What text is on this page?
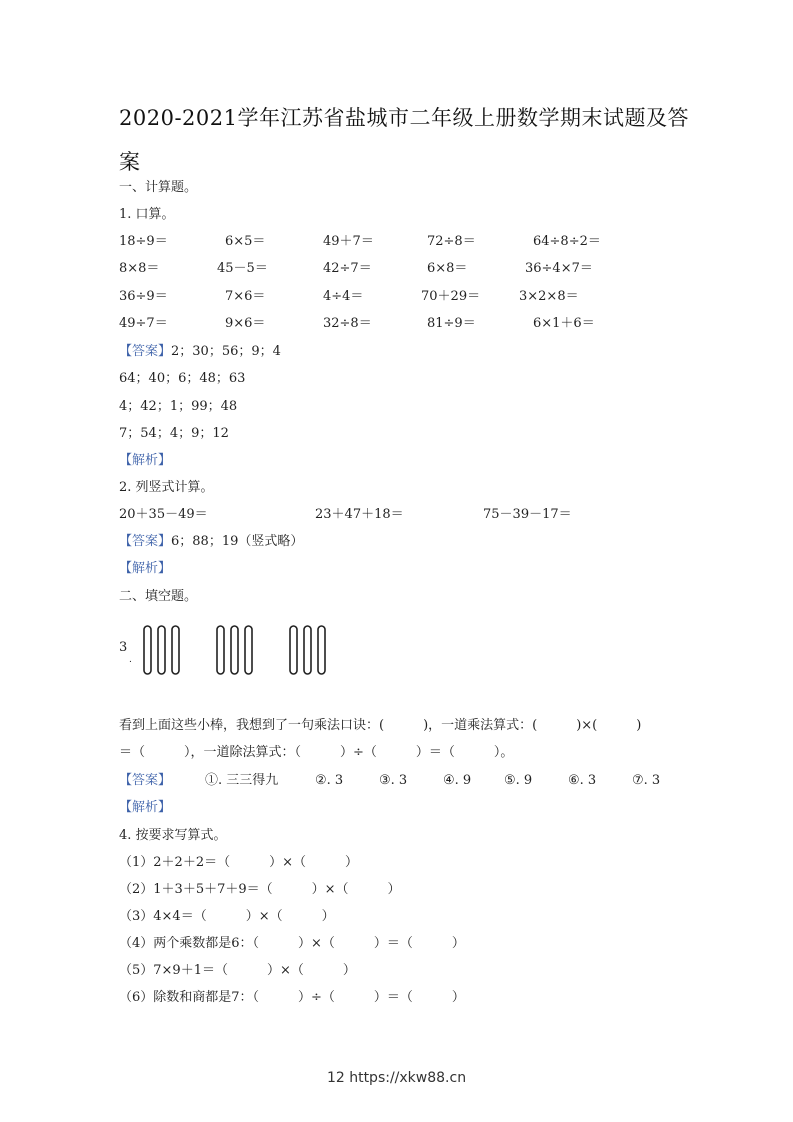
2020-2021学年江苏省盐城市二年级上册数学期末试题及答案
一、计算题。
1. 口算。
18÷9＝	6×5＝	49＋7＝	72÷8＝	64÷8÷2＝
8×8＝	45－5＝	42÷7＝	6×8＝	36÷4×7＝
36÷9＝	7×6＝	4÷4＝	70＋29＝	3×2×8＝
49÷7＝	9×6＝	32÷8＝	81÷9＝	6×1＋6＝
【答案】2；30；56；9；4
64；40；6；48；63
4；42；1；99；48
7；54；4；9；12
【解析】
2. 列竖式计算。
20＋35－49＝	23＋47＋18＝	75－39－17＝
【答案】6；88；19（竖式略）
【解析】
二、填空题。
3
.
看到上面这些小棒，我想到了一句乘法口诀：(　　　)，一道乘法算式：(　　　)×(　　　)
＝（　　　），一道除法算式：（　　　）÷（　　　）＝（　　　）。
【答案】	①. 三三得九	②. 3	③. 3	④. 9	⑤. 9	⑥. 3	⑦. 3
【解析】
4. 按要求写算式。
（1）2＋2＋2＝（　　　）×（　　　）
（2）1＋3＋5＋7＋9＝（　　　）×（　　　）
（3）4×4＝（　　　）×（　　　）
（4）两个乘数都是6：（　　　）×（　　　）＝（　　　）
（5）7×9＋1＝（　　　）×（　　　）
（6）除数和商都是7：（　　　）÷（　　　）＝（　　　）
12 https://xkw88.cn
